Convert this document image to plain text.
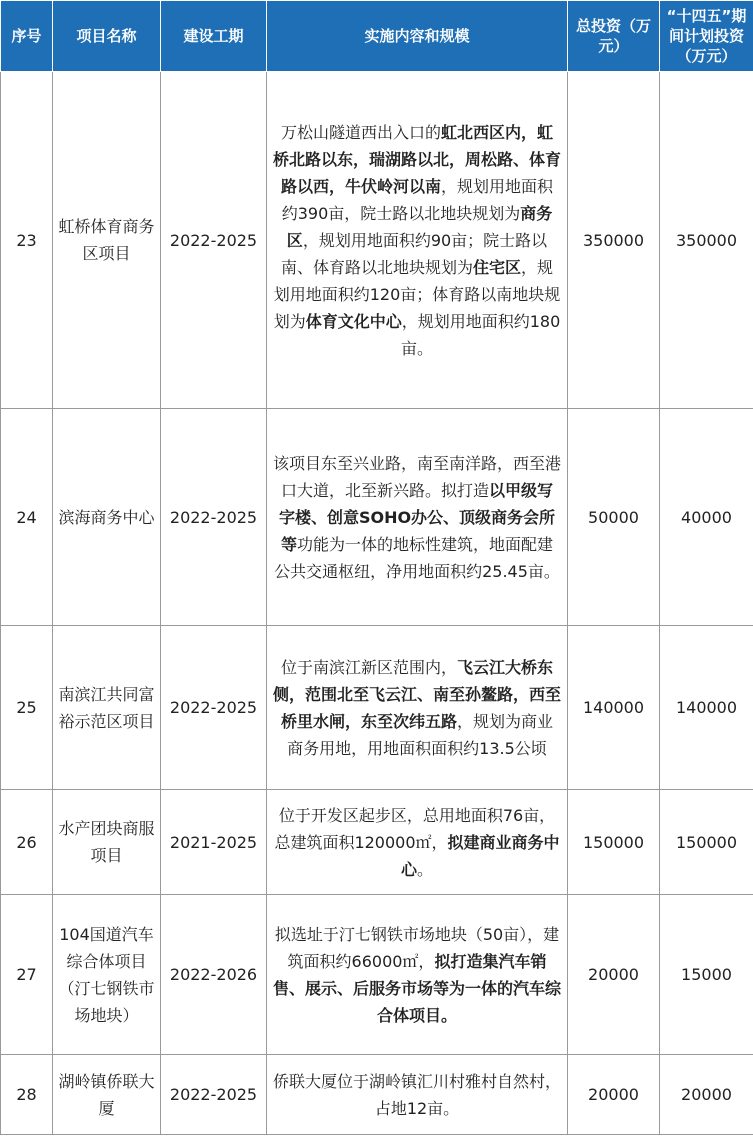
序号	项目名称	建设工期	实施内容和规模	总投资（万元）	“十四五”期间计划投资（万元）
23	虹桥体育商务区项目	2022-2025	万松山隧道西出入口的虹北西区内，虹桥北路以东，瑞湖路以北，周松路、体育路以西，牛伏岭河以南，规划用地面积约390亩，院士路以北地块规划为商务区，规划用地面积约90亩；院士路以南、体育路以北地块规划为住宅区，规划用地面积约120亩；体育路以南地块规划为体育文化中心，规划用地面积约180亩。	350000	350000
24	滨海商务中心	2022-2025	该项目东至兴业路，南至南洋路，西至港口大道，北至新兴路。拟打造以甲级写字楼、创意SOHO办公、顶级商务会所等功能为一体的地标性建筑，地面配建公共交通枢纽，净用地面积约25.45亩。	50000	40000
25	南滨江共同富裕示范区项目	2022-2025	位于南滨江新区范围内，飞云江大桥东侧，范围北至飞云江、南至孙鳌路，西至桥里水闸，东至次纬五路，规划为商业商务用地，用地面积面积约13.5公顷	140000	140000
26	水产团块商服项目	2021-2025	位于开发区起步区，总用地面积76亩，总建筑面积120000㎡，拟建商业商务中心。	150000	150000
27	104国道汽车综合体项目（汀七钢铁市场地块）	2022-2026	拟选址于汀七钢铁市场地块（50亩），建筑面积约66000㎡，拟打造集汽车销售、展示、后服务市场等为一体的汽车综合体项目。	20000	15000
28	湖岭镇侨联大厦	2022-2025	侨联大厦位于湖岭镇汇川村雅村自然村，占地12亩。	20000	20000
